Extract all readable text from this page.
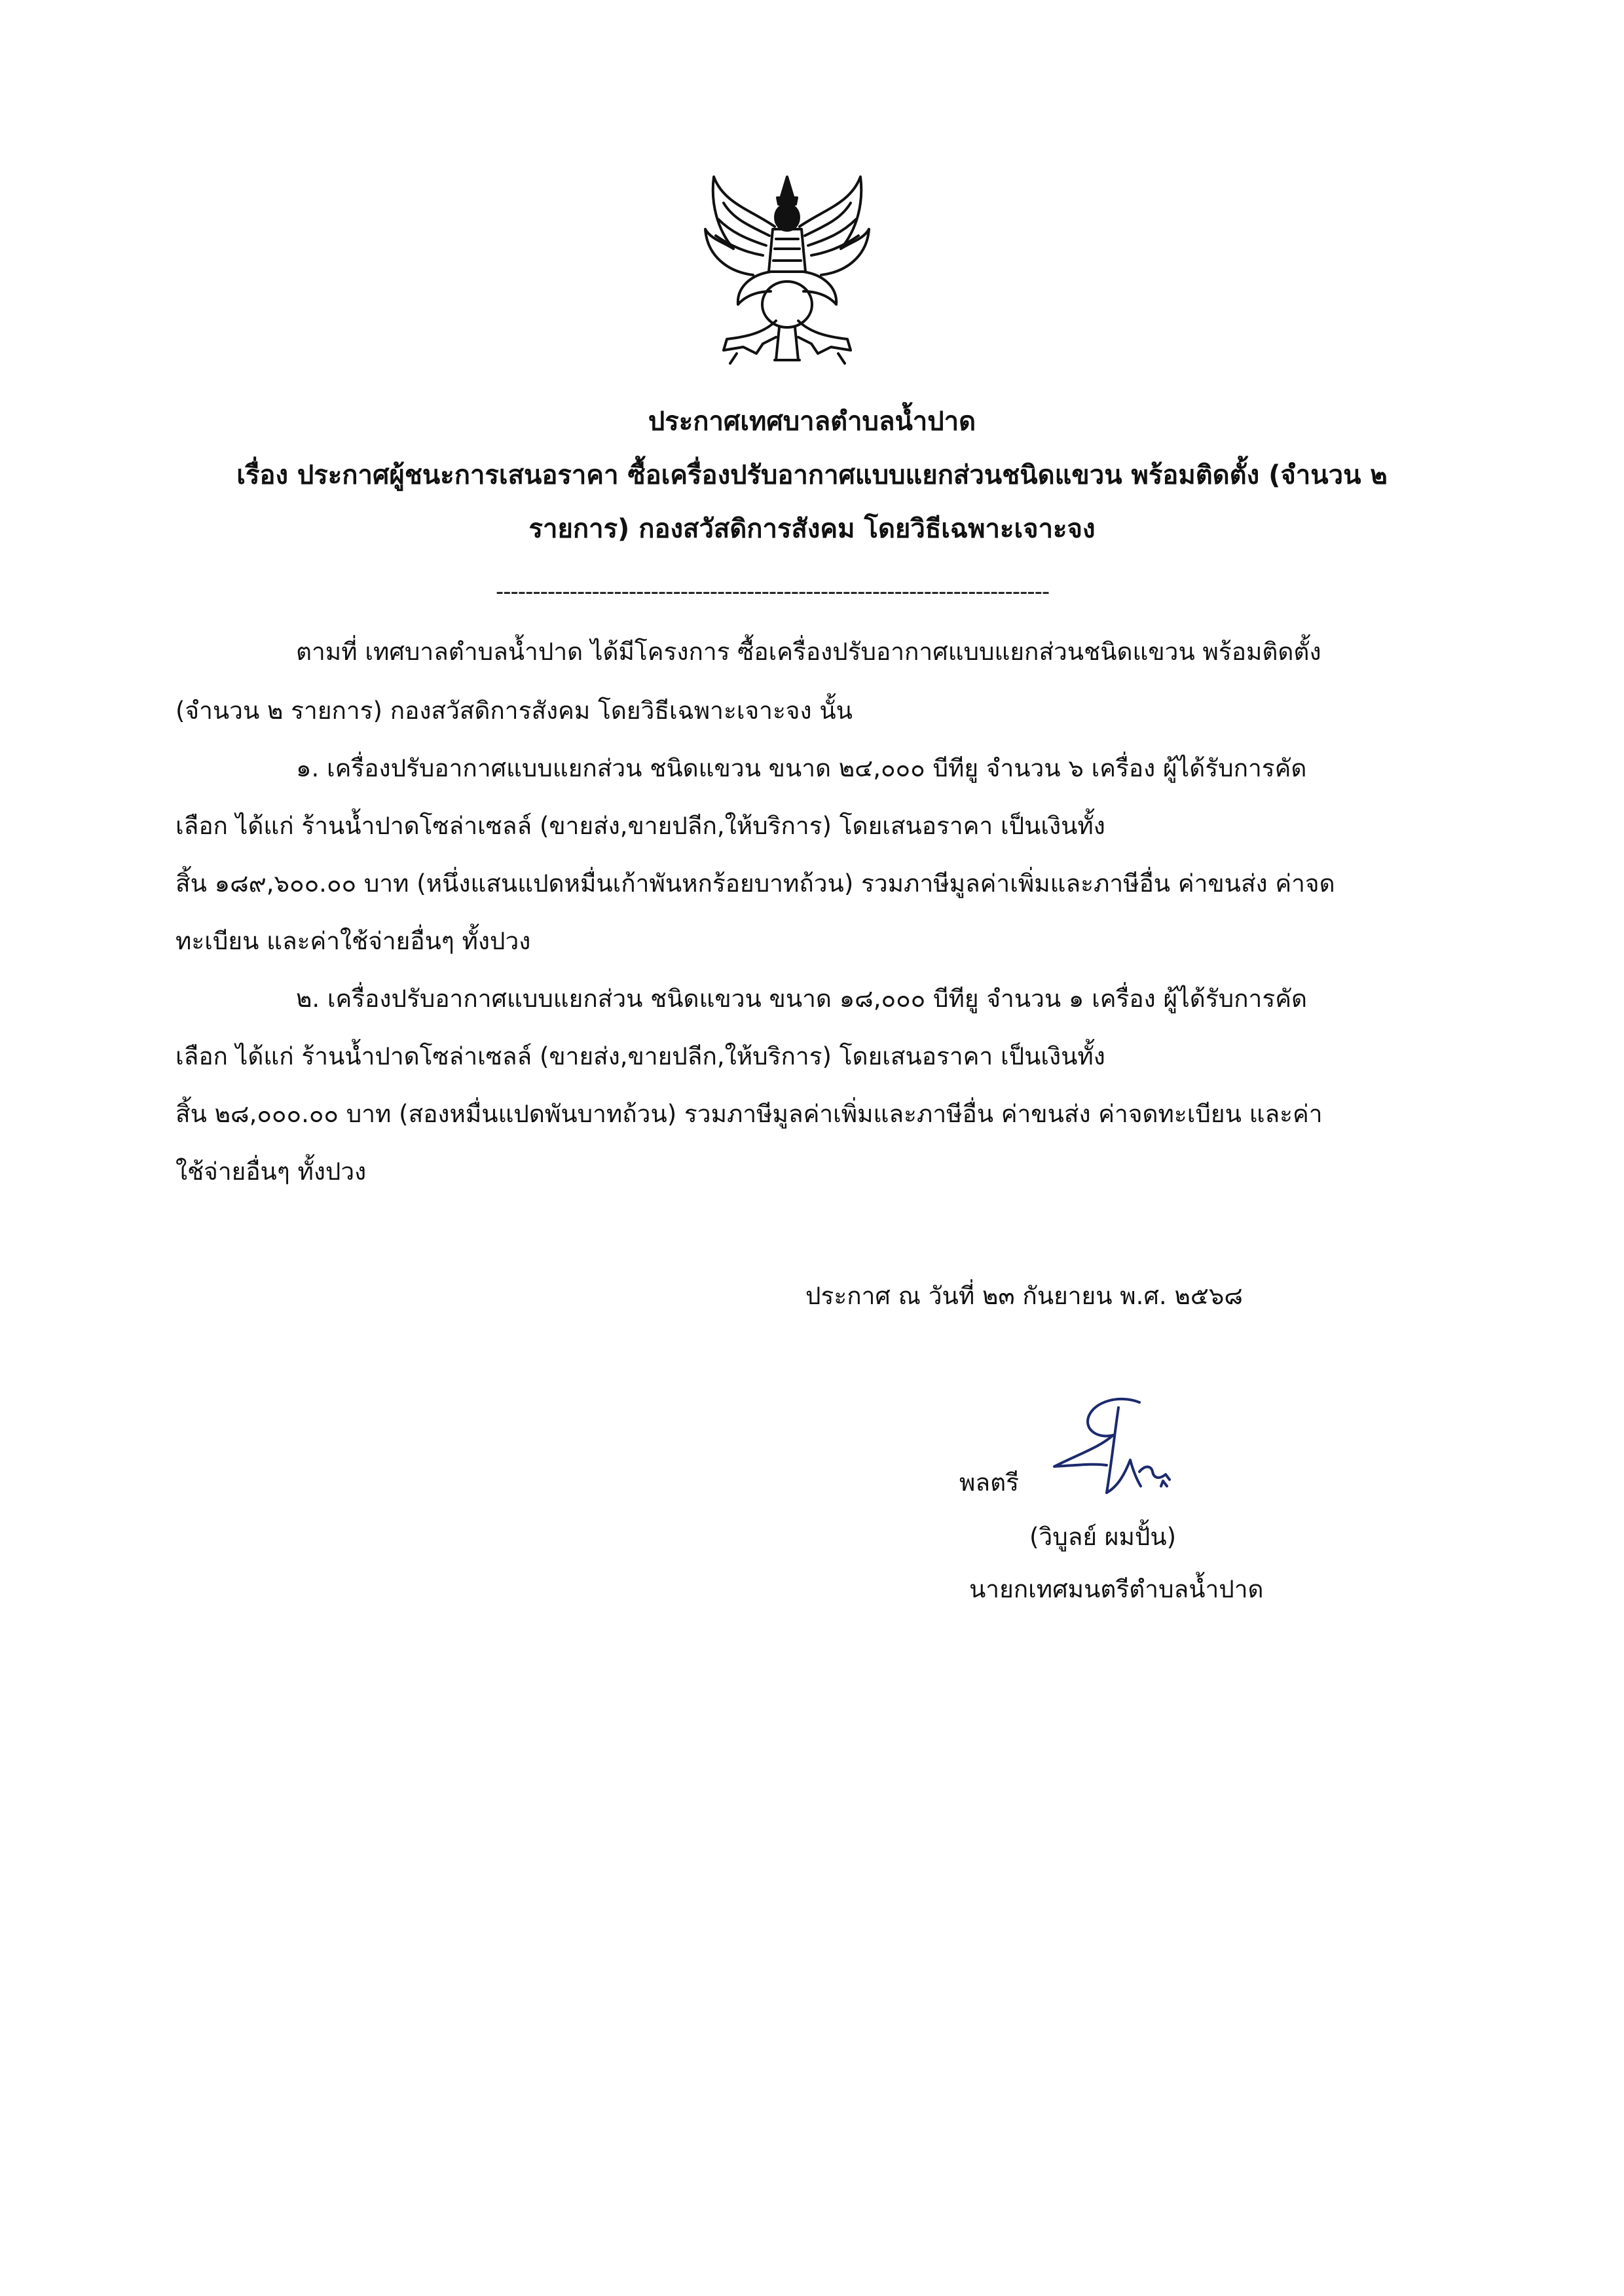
ประกาศเทศบาลตำบลน้ำปาด
เรื่อง ประกาศผู้ชนะการเสนอราคา ซื้อเครื่องปรับอากาศแบบแยกส่วนชนิดแขวน พร้อมติดตั้ง (จำนวน ๒
รายการ) กองสวัสดิการสังคม โดยวิธีเฉพาะเจาะจง
---------------------------------------------------------------------------
ตามที่ เทศบาลตำบลน้ำปาด ได้มีโครงการ ซื้อเครื่องปรับอากาศแบบแยกส่วนชนิดแขวน พร้อมติดตั้ง
(จำนวน ๒ รายการ) กองสวัสดิการสังคม โดยวิธีเฉพาะเจาะจง นั้น
๑. เครื่องปรับอากาศแบบแยกส่วน ชนิดแขวน ขนาด ๒๔,๐๐๐ บีทียู จำนวน ๖ เครื่อง ผู้ได้รับการคัด
เลือก ได้แก่ ร้านน้ำปาดโซล่าเซลล์ (ขายส่ง,ขายปลีก,ให้บริการ) โดยเสนอราคา เป็นเงินทั้ง
สิ้น ๑๘๙,๖๐๐.๐๐ บาท (หนึ่งแสนแปดหมื่นเก้าพันหกร้อยบาทถ้วน) รวมภาษีมูลค่าเพิ่มและภาษีอื่น ค่าขนส่ง ค่าจด
ทะเบียน และค่าใช้จ่ายอื่นๆ ทั้งปวง
๒. เครื่องปรับอากาศแบบแยกส่วน ชนิดแขวน ขนาด ๑๘,๐๐๐ บีทียู จำนวน ๑ เครื่อง ผู้ได้รับการคัด
เลือก ได้แก่ ร้านน้ำปาดโซล่าเซลล์ (ขายส่ง,ขายปลีก,ให้บริการ) โดยเสนอราคา เป็นเงินทั้ง
สิ้น ๒๘,๐๐๐.๐๐ บาท (สองหมื่นแปดพันบาทถ้วน) รวมภาษีมูลค่าเพิ่มและภาษีอื่น ค่าขนส่ง ค่าจดทะเบียน และค่า
ใช้จ่ายอื่นๆ ทั้งปวง
ประกาศ ณ วันที่ ๒๓ กันยายน พ.ศ. ๒๕๖๘
พลตรี
(วิบูลย์ ผมปั้น)
นายกเทศมนตรีตำบลน้ำปาด
